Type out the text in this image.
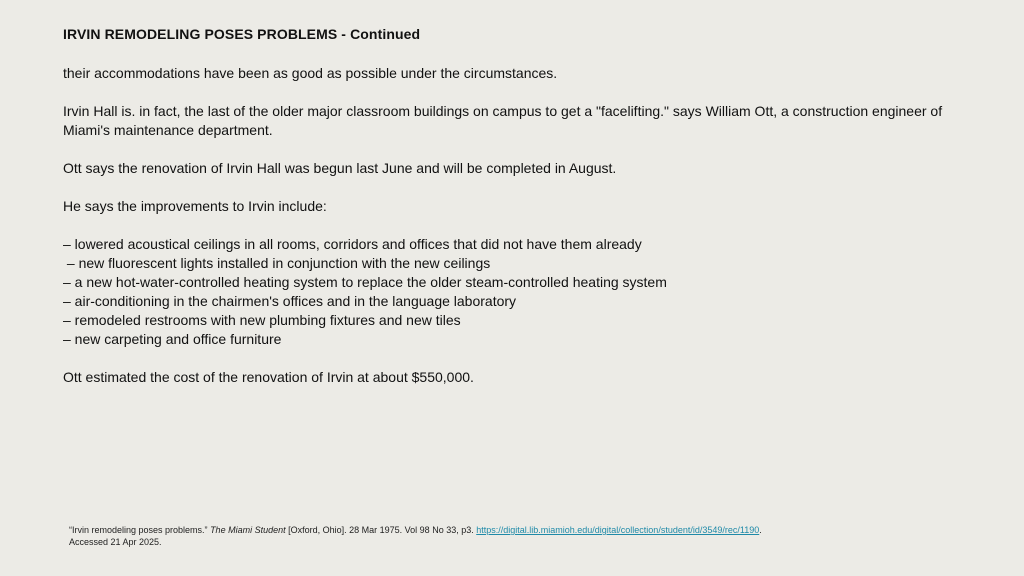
IRVIN REMODELING POSES PROBLEMS - Continued

their accommodations have been as good as possible under the circumstances.

Irvin Hall is. in fact, the last of the older major classroom buildings on campus to get a "facelifting." says William Ott, a construction engineer of Miami's maintenance department.

Ott says the renovation of Irvin Hall was begun last June and will be completed in August.

He says the improvements to Irvin include:

– lowered acoustical ceilings in all rooms, corridors and offices that did not have them already
– new fluorescent lights installed in conjunction with the new ceilings
– a new hot-water-controlled heating system to replace the older steam-controlled heating system
– air-conditioning in the chairmen's offices and in the language laboratory
– remodeled restrooms with new plumbing fixtures and new tiles
– new carpeting and office furniture

Ott estimated the cost of the renovation of Irvin at about $550,000.

“Irvin remodeling poses problems.” The Miami Student [Oxford, Ohio]. 28 Mar 1975. Vol 98 No 33, p3. https://digital.lib.miamioh.edu/digital/collection/student/id/3549/rec/1190.
Accessed 21 Apr 2025.
